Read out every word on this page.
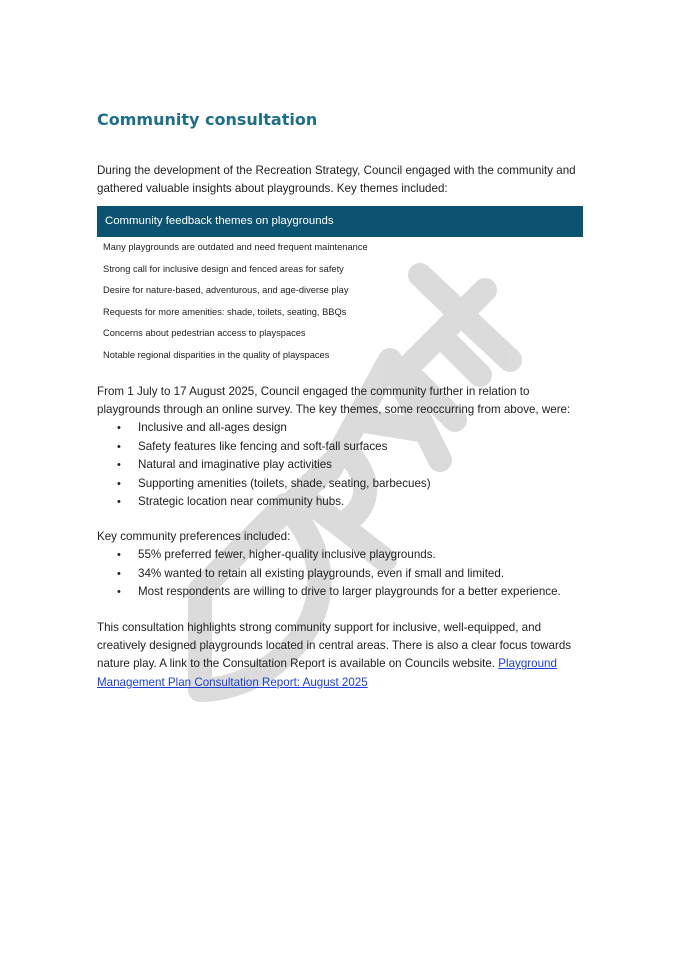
Community consultation
During the development of the Recreation Strategy, Council engaged with the community and gathered valuable insights about playgrounds. Key themes included:
Community feedback themes on playgrounds
Many playgrounds are outdated and need frequent maintenance
Strong call for inclusive design and fenced areas for safety
Desire for nature-based, adventurous, and age-diverse play
Requests for more amenities: shade, toilets, seating, BBQs
Concerns about pedestrian access to playspaces
Notable regional disparities in the quality of playspaces
From 1 July to 17 August 2025, Council engaged the community further in relation to playgrounds through an online survey. The key themes, some reoccurring from above, were:
• Inclusive and all-ages design
• Safety features like fencing and soft-fall surfaces
• Natural and imaginative play activities
• Supporting amenities (toilets, shade, seating, barbecues)
• Strategic location near community hubs.
Key community preferences included:
• 55% preferred fewer, higher-quality inclusive playgrounds.
• 34% wanted to retain all existing playgrounds, even if small and limited.
• Most respondents are willing to drive to larger playgrounds for a better experience.
This consultation highlights strong community support for inclusive, well-equipped, and creatively designed playgrounds located in central areas. There is also a clear focus towards nature play. A link to the Consultation Report is available on Councils website. Playground Management Plan Consultation Report: August 2025
